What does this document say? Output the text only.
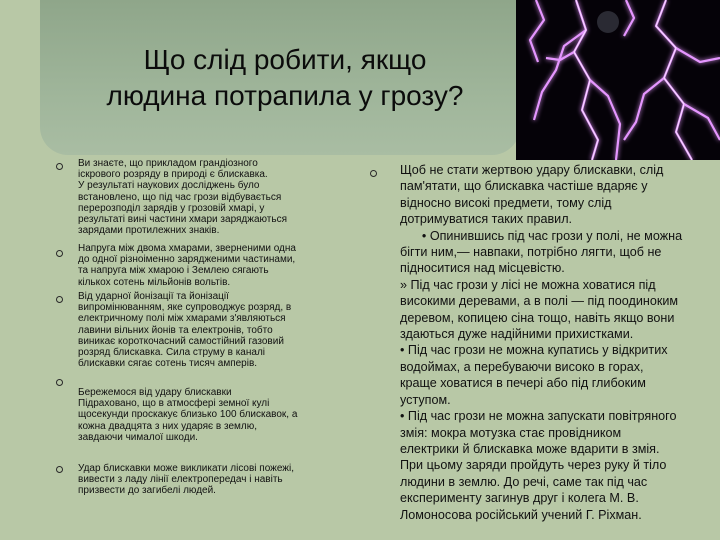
Що слід робити, якщо
людина потрапила у грозу?

Ви знаєте, що прикладом грандіозного

іскрового розряду в природі є блискавка.

У результаті наукових досліджень було

встановлено, що під час грози відбувається

перерозподіл зарядів у грозовій хмарі, у

результаті вині частини хмари заряджаються

зарядами протилежних знаків.

Напруга між двома хмарами, зверненими одна

до одної різноіменно зарядженими частинами,

та напруга між хмарою і Землею сягають

кількох сотень мільйонів вольтів.

Від ударної йонізації та йонізації

випромінюванням, яке супроводжує розряд, в

електричному полі між хмарами з'являються

лавини вільних йонів та електронів, тобто

виникає короткочасний самостійний газовий

розряд блискавка. Сила струму в каналі

блискавки сягає сотень тисяч амперів.

Бережемося від удару блискавки

Підраховано, що в атмосфері земної кулі

щосекунди проскакує близько 100 блискавок, а

кожна двадцята з них ударяє в землю,

завдаючи чималої шкоди.

Удар блискавки може викликати лісові пожежі,

вивести з ладу лінії електропередач і навіть

призвести до загибелі людей.

Щоб не стати жертвою удару блискавки, слід

пам'ятати, що блискавка частіше вдаряє у

відносно високі предмети, тому слід

дотримуватися таких правил.

• Опинившись під час грози у полі, не можна

бігти ним,— навпаки, потрібно лягти, щоб не

підноситися над місцевістю.

» Під час грози у лісі не можна ховатися під

високими деревами, а в полі — під поодиноким

деревом, копицею сіна тощо, навіть якщо вони

здаються дуже надійними прихистками.

• Під час грози не можна купатись у відкритих

водоймах, а перебуваючи високо в горах,

краще ховатися в печері або під глибоким

уступом.

• Під час грози не можна запускати повітряного

змія: мокра мотузка стає провідником

електрики й блискавка може вдарити в змія.

При цьому заряди пройдуть через руку й тіло

людини в землю. До речі, саме так під час

експерименту загинув друг і колега М. В.

Ломоносова російський учений Г. Ріхман.
